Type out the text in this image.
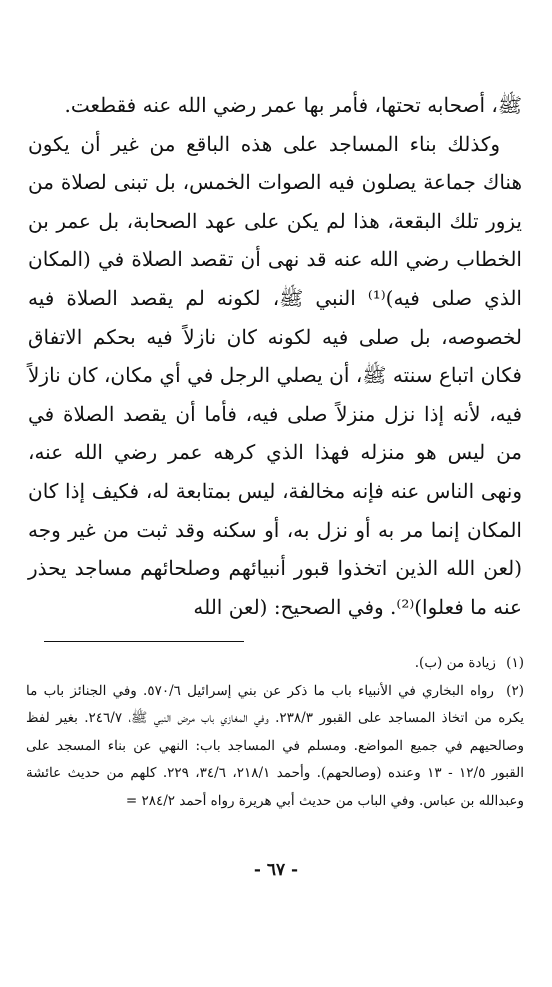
ﷺ، أصحابه تحتها، فأمر بها عمر رضي الله عنه فقطعت.

وكذلك بناء المساجد على هذه الباقع من غير أن يكون هناك جماعة يصلون فيه الصوات الخمس، بل تبنى لصلاة من يزور تلك البقعة، هذا لم يكن على عهد الصحابة، بل عمر بن الخطاب رضي الله عنه قد نهى أن تقصد الصلاة في (المكان الذي صلى فيه)⁽¹⁾ النبي ﷺ، لكونه لم يقصد الصلاة فيه لخصوصه، بل صلى فيه لكونه كان نازلاً فيه بحكم الاتفاق فكان اتباع سنته ﷺ، أن يصلي الرجل في أي مكان، كان نازلاً فيه، لأنه إذا نزل منزلاً صلى فيه، فأما أن يقصد الصلاة في من ليس هو منزله فهذا الذي كرهه عمر رضي الله عنه، ونهى الناس عنه فإنه مخالفة، ليس بمتابعة له، فكيف إذا كان المكان إنما مر به أو نزل به، أو سكنه وقد ثبت من غير وجه (لعن الله الذين اتخذوا قبور أنبيائهم وصلحائهم مساجد يحذر عنه ما فعلوا)⁽²⁾. وفي الصحيح: (لعن الله

(١) زيادة من (ب).

(٢) رواه البخاري في الأنبياء باب ما ذكر عن بني إسرائيل ٥٧٠/٦. وفي الجنائز باب ما يكره من اتخاذ المساجد على القبور ٢٣٨/٣. وفي المغازي باب مرض النبي ﷺ، ٢٤٦/٧. بغير لفظ وصالحيهم في جميع المواضع. ومسلم في المساجد باب: النهي عن بناء المسجد على القبور ١٢/٥ - ١٣ وعنده (وصالحهم). وأحمد ٢١٨/١، ٣٤/٦، ٢٢٩. كلهم من حديث عائشة وعبدالله بن عباس. وفي الباب من حديث أبي هريرة رواه أحمد ٢٨٤/٢ =

- ٦٧ -
